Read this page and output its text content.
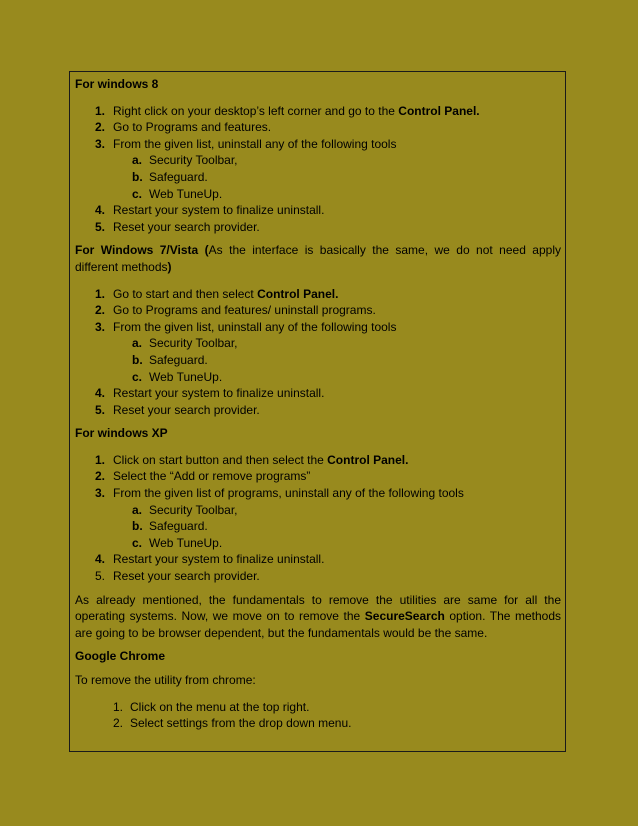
For windows 8

1. Right click on your desktop’s left corner and go to the Control Panel.
2. Go to Programs and features.
3. From the given list, uninstall any of the following tools
a. Security Toolbar,
b. Safeguard.
c. Web TuneUp.
4. Restart your system to finalize uninstall.
5. Reset your search provider.

For Windows 7/Vista (As the interface is basically the same, we do not need apply different methods)

1. Go to start and then select Control Panel.
2. Go to Programs and features/ uninstall programs.
3. From the given list, uninstall any of the following tools
a. Security Toolbar,
b. Safeguard.
c. Web TuneUp.
4. Restart your system to finalize uninstall.
5. Reset your search provider.

For windows XP

1. Click on start button and then select the Control Panel.
2. Select the “Add or remove programs”
3. From the given list of programs, uninstall any of the following tools
a. Security Toolbar,
b. Safeguard.
c. Web TuneUp.
4. Restart your system to finalize uninstall.
5. Reset your search provider.

As already mentioned, the fundamentals to remove the utilities are same for all the operating systems. Now, we move on to remove the SecureSearch option. The methods are going to be browser dependent, but the fundamentals would be the same.

Google Chrome

To remove the utility from chrome:

1. Click on the menu at the top right.
2. Select settings from the drop down menu.
